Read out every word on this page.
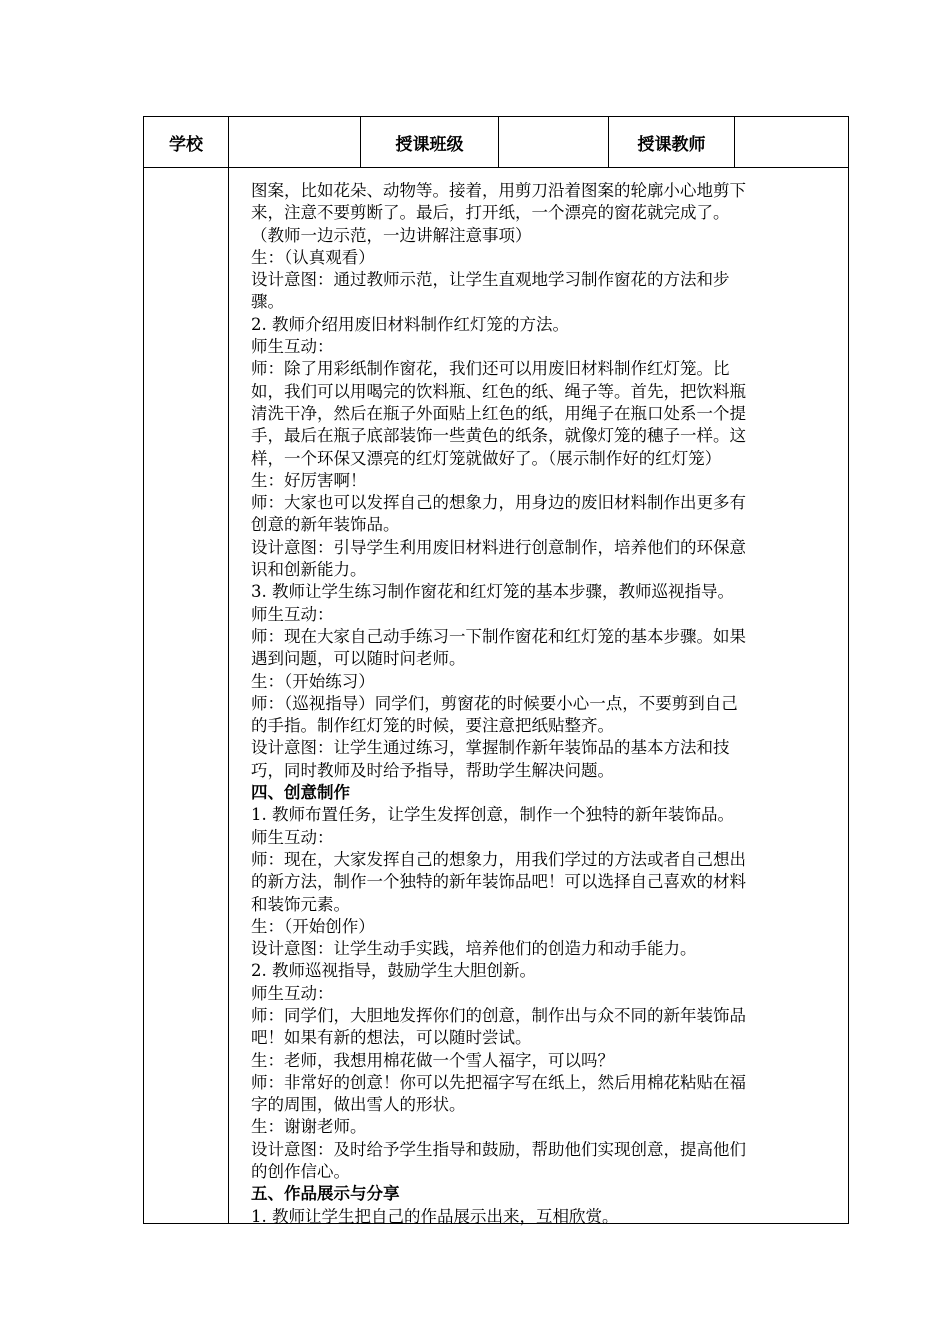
学校	授课班级	授课教师
图案，比如花朵、动物等。接着，用剪刀沿着图案的轮廓小心地剪下
来，注意不要剪断了。最后，打开纸，一个漂亮的窗花就完成了。
（教师一边示范，一边讲解注意事项）
生：（认真观看）
设计意图：通过教师示范，让学生直观地学习制作窗花的方法和步
骤。
2. 教师介绍用废旧材料制作红灯笼的方法。
师生互动：
师：除了用彩纸制作窗花，我们还可以用废旧材料制作红灯笼。比
如，我们可以用喝完的饮料瓶、红色的纸、绳子等。首先，把饮料瓶
清洗干净，然后在瓶子外面贴上红色的纸，用绳子在瓶口处系一个提
手，最后在瓶子底部装饰一些黄色的纸条，就像灯笼的穗子一样。这
样，一个环保又漂亮的红灯笼就做好了。（展示制作好的红灯笼）
生：好厉害啊！
师：大家也可以发挥自己的想象力，用身边的废旧材料制作出更多有
创意的新年装饰品。
设计意图：引导学生利用废旧材料进行创意制作，培养他们的环保意
识和创新能力。
3. 教师让学生练习制作窗花和红灯笼的基本步骤，教师巡视指导。
师生互动：
师：现在大家自己动手练习一下制作窗花和红灯笼的基本步骤。如果
遇到问题，可以随时问老师。
生：（开始练习）
师：（巡视指导）同学们，剪窗花的时候要小心一点，不要剪到自己
的手指。制作红灯笼的时候，要注意把纸贴整齐。
设计意图：让学生通过练习，掌握制作新年装饰品的基本方法和技
巧，同时教师及时给予指导，帮助学生解决问题。
四、创意制作
1. 教师布置任务，让学生发挥创意，制作一个独特的新年装饰品。
师生互动：
师：现在，大家发挥自己的想象力，用我们学过的方法或者自己想出
的新方法，制作一个独特的新年装饰品吧！可以选择自己喜欢的材料
和装饰元素。
生：（开始创作）
设计意图：让学生动手实践，培养他们的创造力和动手能力。
2. 教师巡视指导，鼓励学生大胆创新。
师生互动：
师：同学们，大胆地发挥你们的创意，制作出与众不同的新年装饰品
吧！如果有新的想法，可以随时尝试。
生：老师，我想用棉花做一个雪人福字，可以吗？
师：非常好的创意！你可以先把福字写在纸上，然后用棉花粘贴在福
字的周围，做出雪人的形状。
生：谢谢老师。
设计意图：及时给予学生指导和鼓励，帮助他们实现创意，提高他们
的创作信心。
五、作品展示与分享
1. 教师让学生把自己的作品展示出来，互相欣赏。
